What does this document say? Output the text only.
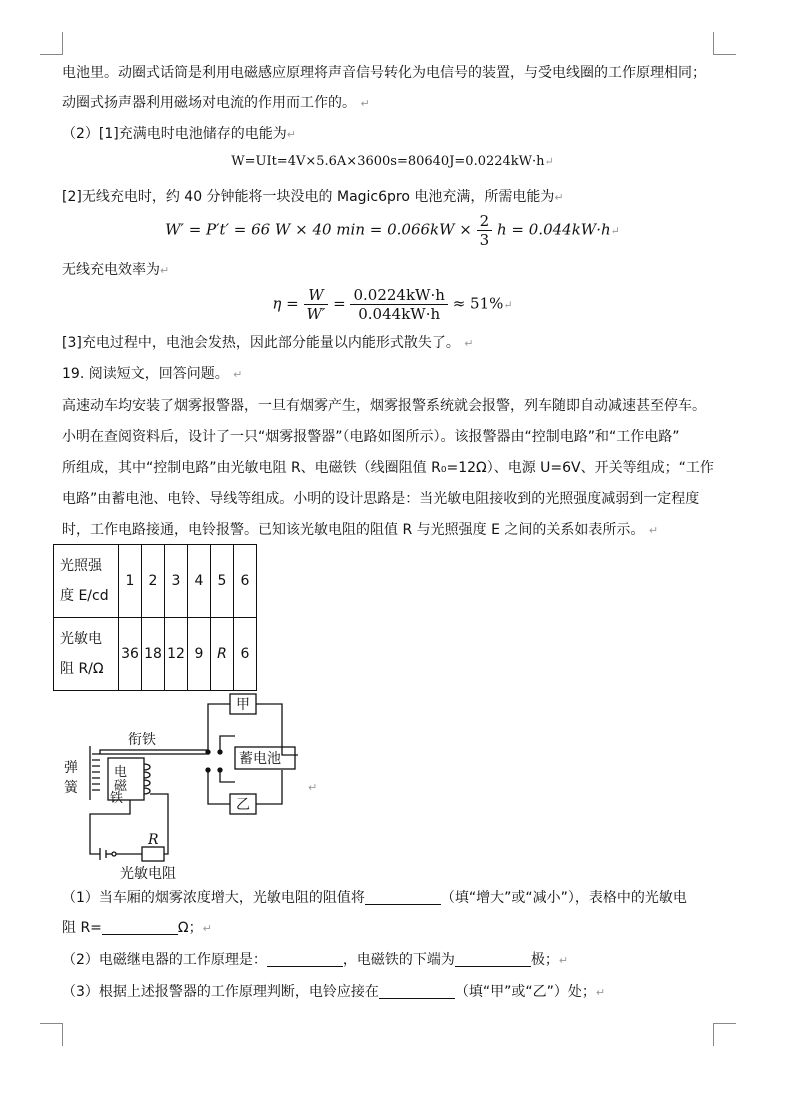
电池里。动圈式话筒是利用电磁感应原理将声音信号转化为电信号的装置，与受电线圈的工作原理相同；
动圈式扬声器利用磁场对电流的作用而工作的。 ↵
（2）[1]充满电时电池储存的电能为↵
W=UIt=4V×5.6A×3600s=80640J=0.0224kW·h↵
[2]无线充电时，约 40 分钟能将一块没电的 Magic6pro 电池充满，所需电能为↵
W′ = P′t′ = 66 W × 40 $\min = 0.066kW \times \frac{2}{3}$ h = 0.044kW·h↵
无线充电效率为↵
$\eta = \frac{W}{W'} = \frac{0.0224kW\cdot h}{0.044kW\cdot h}$ ≈ 51%↵
[3]充电过程中，电池会发热，因此部分能量以内能形式散失了。 ↵
19. 阅读短文，回答问题。 ↵
高速动车均安装了烟雾报警器，一旦有烟雾产生，烟雾报警系统就会报警，列车随即自动减速甚至停车。
小明在查阅资料后，设计了一只“烟雾报警器”（电路如图所示）。该报警器由“控制电路”和“工作电路”
所组成，其中“控制电路”由光敏电阻 R、电磁铁（线圈阻值 R₀=12Ω）、电源 U=6V、开关等组成；“工作
电路”由蓄电池、电铃、导线等组成。小明的设计思路是：当光敏电阻接收到的光照强度减弱到一定程度
时，工作电路接通，电铃报警。已知该光敏电阻的阻值 R 与光照强度 E 之间的关系如表所示。 ↵
光照强
度 E/cd	1	2	3	4	5	6
光敏电
阻 R/Ω	36	18	12	9	R	6
甲
乙
蓄电池
衔铁
弹
簧
电
磁
铁
R
光敏电阻
↵
（1）当车厢的烟雾浓度增大，光敏电阻的阻值将	（填“增大”或“减小”），表格中的光敏电
阻 R=	Ω；↵
（2）电磁继电器的工作原理是：	，电磁铁的下端为	极；↵
（3）根据上述报警器的工作原理判断，电铃应接在	（填“甲”或“乙”）处；↵
